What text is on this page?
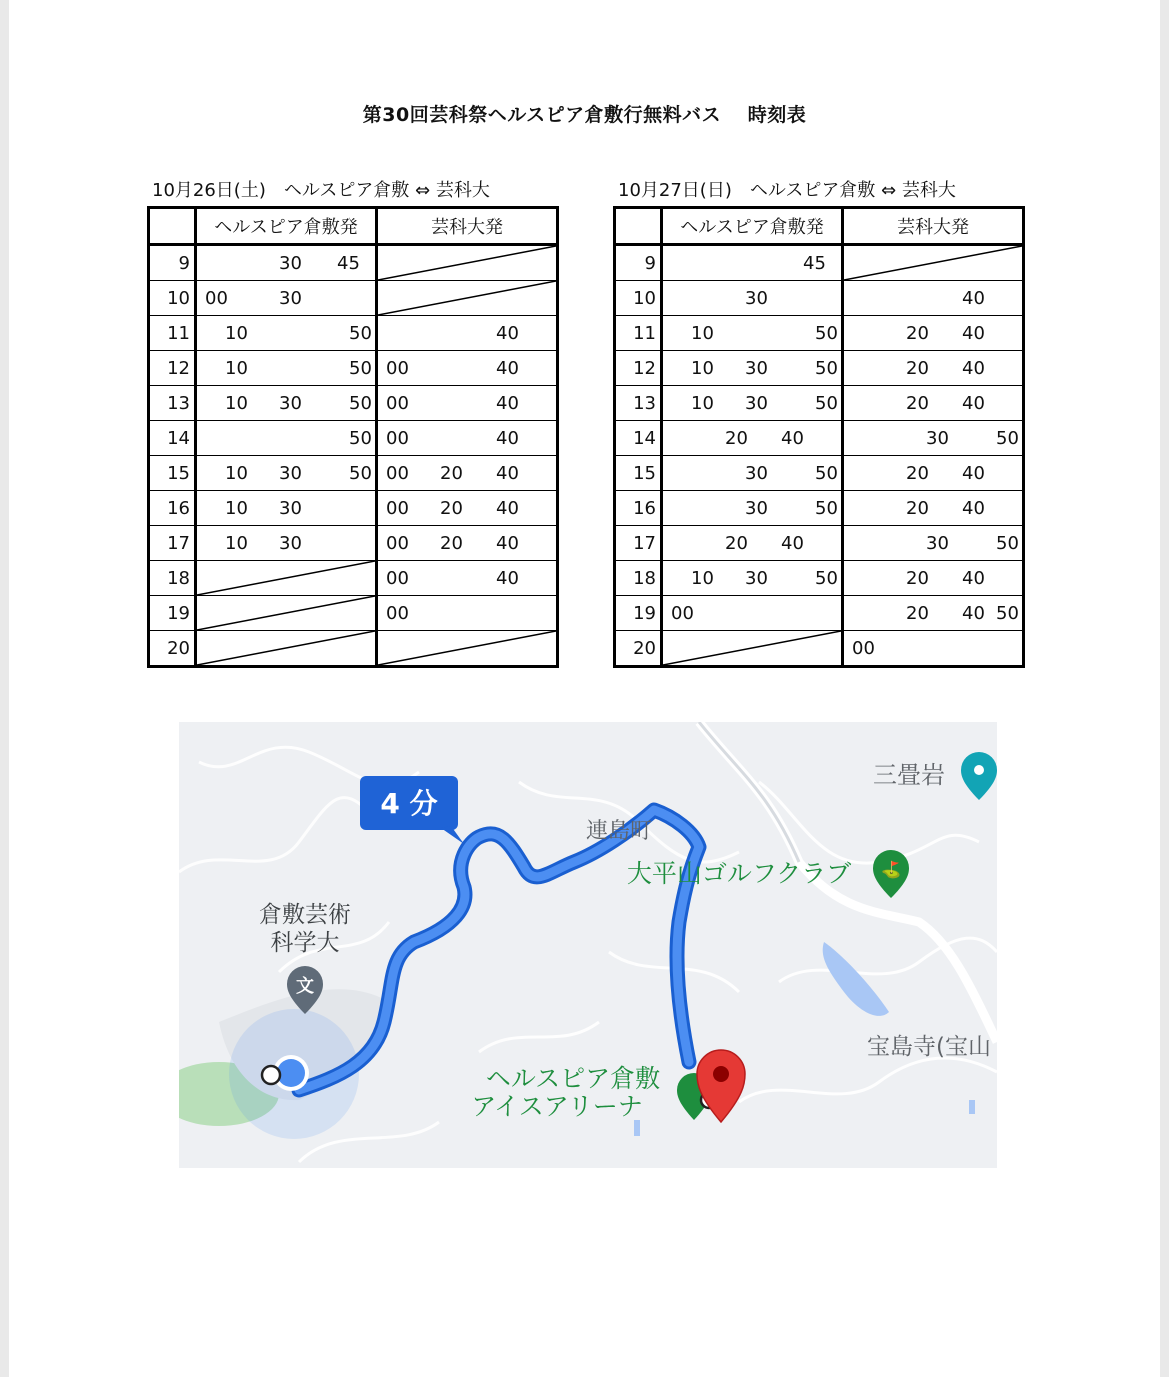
第30回芸科祭ヘルスピア倉敷行無料バス　 時刻表
10月26日(土)　ヘルスピア倉敷 ⇔ 芸科大	10月27日(日)　ヘルスピア倉敷 ⇔ 芸科大
	ヘルスピア倉敷発	芸科大発
9	30 45	

10	00 30	

11	10 50	40

12	10 50	00 40

13	10 30 50	00 40

14	50	00 40

15	10 30 50	00 20 40

16	10 30	00 20 40

17	10 30	00 20 40

18		00 40

19		00

20		
	ヘルスピア倉敷発	芸科大発
9	45	

10	30	40

11	10 50	20 40

12	10 30 50	20 40

13	10 30 50	20 40

14	20 40	30 50

15	30 50	20 40

16	30 50	20 40

17	20 40	30 50

18	10 30 50	20 40

19	00	20 40 50

20		00
4 分
倉敷芸術
科学大
文
連島町
大平山ゴルフクラブ ⛳
三畳岩
宝島寺(宝山
ヘルスピア倉敷
アイスアリーナ
